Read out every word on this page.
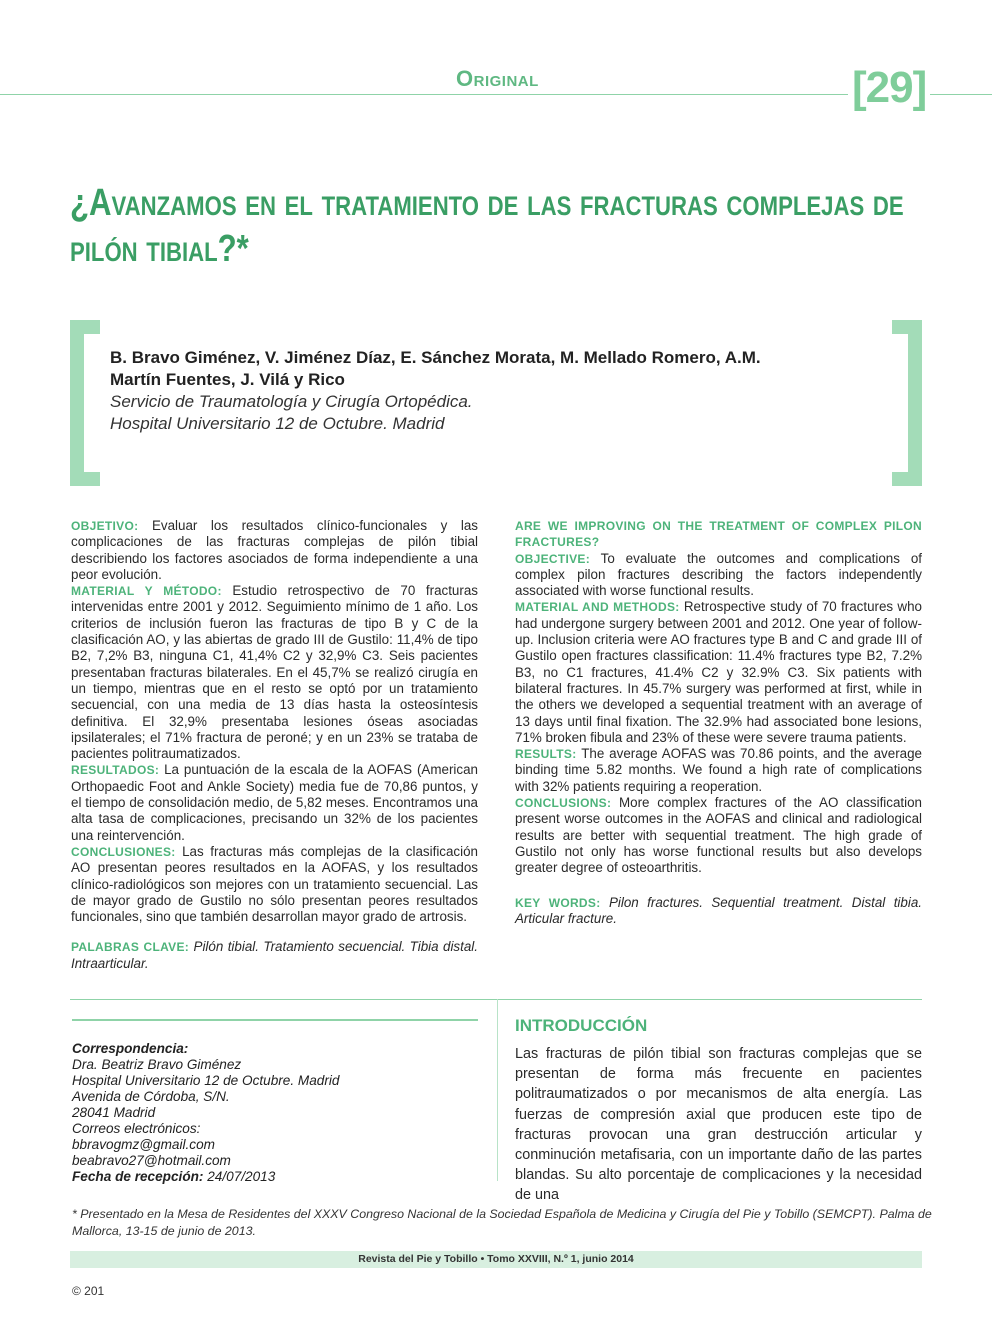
Original	[29]
¿Avanzamos en el tratamiento de las fracturas complejas de pilón tibial?*
B. Bravo Giménez, V. Jiménez Díaz, E. Sánchez Morata, M. Mellado Romero, A.M. Martín Fuentes, J. Vilá y Rico
Servicio de Traumatología y Cirugía Ortopédica.
Hospital Universitario 12 de Octubre. Madrid

OBJETIVO: Evaluar los resultados clínico-funcionales y las complicaciones de las fracturas complejas de pilón tibial describiendo los factores asociados de forma independiente a una peor evolución.

MATERIAL Y MÉTODO: Estudio retrospectivo de 70 fracturas intervenidas entre 2001 y 2012. Seguimiento mínimo de 1 año. Los criterios de inclusión fueron las fracturas de tipo B y C de la clasificación AO, y las abiertas de grado III de Gustilo: 11,4% de tipo B2, 7,2% B3, ninguna C1, 41,4% C2 y 32,9% C3. Seis pacientes presentaban fracturas bilaterales. En el 45,7% se realizó cirugía en un tiempo, mientras que en el resto se optó por un tratamiento secuencial, con una media de 13 días hasta la osteosíntesis definitiva. El 32,9% presentaba lesiones óseas asociadas ipsilaterales; el 71% fractura de peroné; y en un 23% se trataba de pacientes politraumatizados.

RESULTADOS: La puntuación de la escala de la AOFAS (American Orthopaedic Foot and Ankle Society) media fue de 70,86 puntos, y el tiempo de consolidación medio, de 5,82 meses. Encontramos una alta tasa de complicaciones, precisando un 32% de los pacientes una reintervención.

CONCLUSIONES: Las fracturas más complejas de la clasificación AO presentan peores resultados en la AOFAS, y los resultados clínico-radiológicos son mejores con un tratamiento secuencial. Las de mayor grado de Gustilo no sólo presentan peores resultados funcionales, sino que también desarrollan mayor grado de artrosis.

PALABRAS CLAVE: Pilón tibial. Tratamiento secuencial. Tibia distal. Intraarticular.

ARE WE IMPROVING ON THE TREATMENT OF COMPLEX PILON FRACTURES?

OBJECTIVE: To evaluate the outcomes and complications of complex pilon fractures describing the factors independently associated with worse functional results.

MATERIAL AND METHODS: Retrospective study of 70 fractures who had undergone surgery between 2001 and 2012. One year of follow-up. Inclusion criteria were AO fractures type B and C and grade III of Gustilo open fractures classification: 11.4% fractures type B2, 7.2% B3, no C1 fractures, 41.4% C2 y 32.9% C3. Six patients with bilateral fractures. In 45.7% surgery was performed at first, while in the others we developed a sequential treatment with an average of 13 days until final fixation. The 32.9% had associated bone lesions, 71% broken fibula and 23% of these were severe trauma patients.

RESULTS: The average AOFAS was 70.86 points, and the average binding time 5.82 months. We found a high rate of complications with 32% patients requiring a reoperation.

CONCLUSIONS: More complex fractures of the AO classification present worse outcomes in the AOFAS and clinical and radiological results are better with sequential treatment. The high grade of Gustilo not only has worse functional results but also develops greater degree of osteoarthritis.

KEY WORDS: Pilon fractures. Sequential treatment. Distal tibia. Articular fracture.

Correspondencia:
Dra. Beatriz Bravo Giménez
Hospital Universitario 12 de Octubre. Madrid
Avenida de Córdoba, S/N.
28041 Madrid
Correos electrónicos:
bbravogmz@gmail.com
beabravo27@hotmail.com
Fecha de recepción: 24/07/2013
INTRODUCCIÓN
Las fracturas de pilón tibial son fracturas complejas que se presentan de forma más frecuente en pacientes politraumatizados o por mecanismos de alta energía. Las fuerzas de compresión axial que producen este tipo de fracturas provocan una gran destrucción articular y conminución metafisaria, con un importante daño de las partes blandas. Su alto porcentaje de complicaciones y la necesidad de una
* Presentado en la Mesa de Residentes del XXXV Congreso Nacional de la Sociedad Española de Medicina y Cirugía del Pie y Tobillo (SEMCPT). Palma de Mallorca, 13-15 de junio de 2013.
Revista del Pie y Tobillo • Tomo XXVIII, N.º 1, junio 2014
© 201
